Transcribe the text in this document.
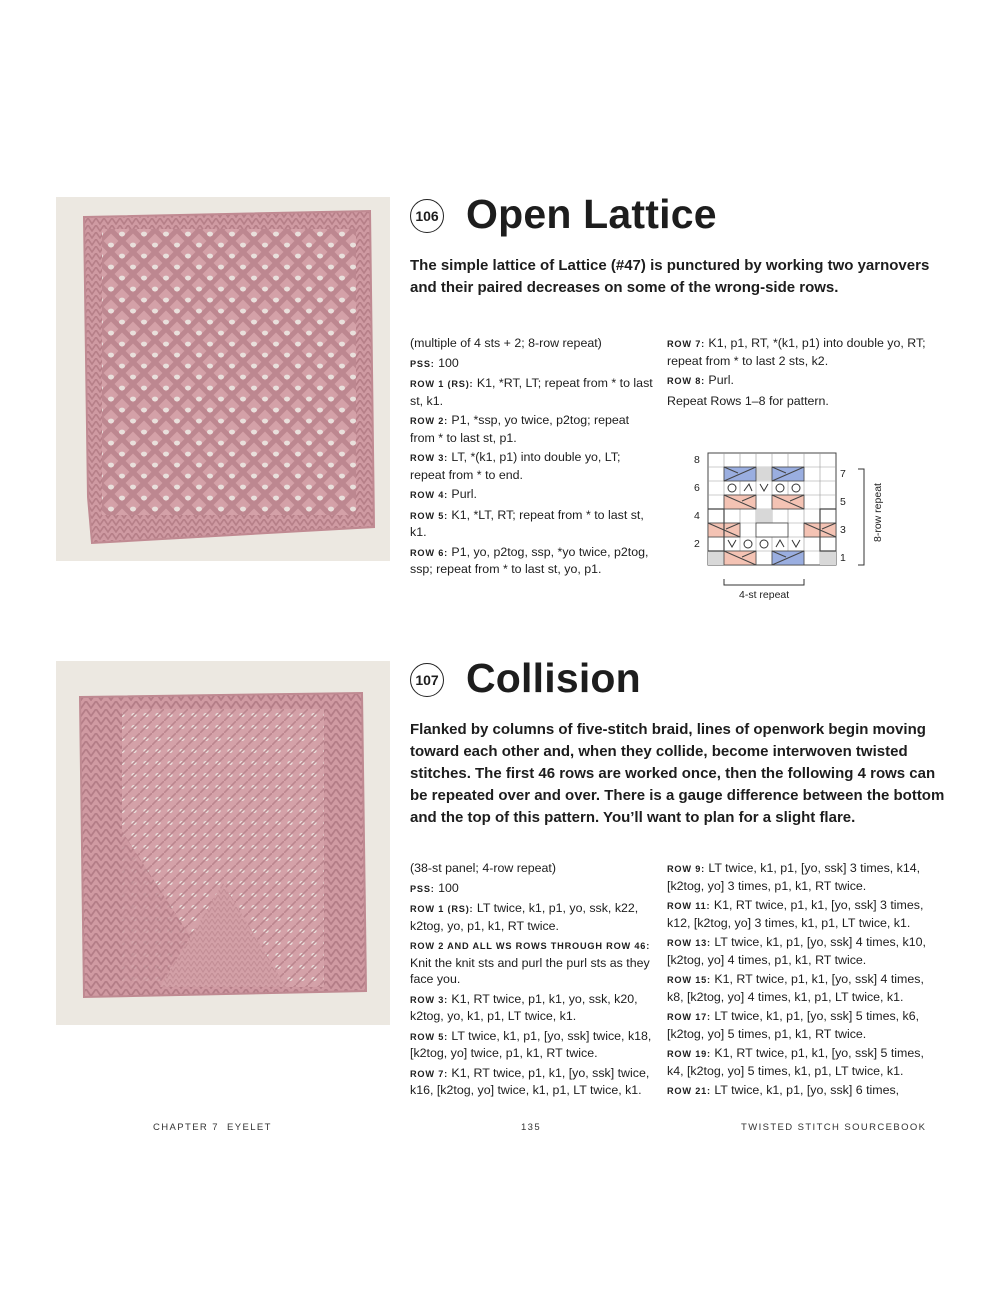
106 Open Lattice

The simple lattice of Lattice (#47) is punctured by working two yarnovers and their paired decreases on some of the wrong-side rows.

(multiple of 4 sts + 2; 8-row repeat)

PSS: 100

ROW 1 (RS): K1, *RT, LT; repeat from * to last st, k1.

ROW 2: P1, *ssp, yo twice, p2tog; repeat from * to last st, p1.

ROW 3: LT, *(k1, p1) into double yo, LT; repeat from * to end.

ROW 4: Purl.

ROW 5: K1, *LT, RT; repeat from * to last st, k1.

ROW 6: P1, yo, p2tog, ssp, *yo twice, p2tog, ssp; repeat from * to last st, yo, p1.

ROW 7: K1, p1, RT, *(k1, p1) into double yo, RT; repeat from * to last 2 sts, k2.

ROW 8: Purl.

Repeat Rows 1–8 for pattern.

8
6
4
2
7
5
3
1
8-row repeat
4-st repeat
107 Collision

Flanked by columns of five-stitch braid, lines of openwork begin moving toward each other and, when they collide, become interwoven twisted stitches. The first 46 rows are worked once, then the following 4 rows can be repeated over and over. There is a gauge difference between the bottom and the top of this pattern. You’ll want to plan for a slight flare.

(38-st panel; 4-row repeat)

PSS: 100

ROW 1 (RS): LT twice, k1, p1, yo, ssk, k22, k2tog, yo, p1, k1, RT twice.

ROW 2 AND ALL WS ROWS THROUGH ROW 46: Knit the knit sts and purl the purl sts as they face you.

ROW 3: K1, RT twice, p1, k1, yo, ssk, k20, k2tog, yo, k1, p1, LT twice, k1.

ROW 5: LT twice, k1, p1, [yo, ssk] twice, k18, [k2tog, yo] twice, p1, k1, RT twice.

ROW 7: K1, RT twice, p1, k1, [yo, ssk] twice, k16, [k2tog, yo] twice, k1, p1, LT twice, k1.

ROW 9: LT twice, k1, p1, [yo, ssk] 3 times, k14, [k2tog, yo] 3 times, p1, k1, RT twice.

ROW 11: K1, RT twice, p1, k1, [yo, ssk] 3 times, k12, [k2tog, yo] 3 times, k1, p1, LT twice, k1.

ROW 13: LT twice, k1, p1, [yo, ssk] 4 times, k10, [k2tog, yo] 4 times, p1, k1, RT twice.

ROW 15: K1, RT twice, p1, k1, [yo, ssk] 4 times, k8, [k2tog, yo] 4 times, k1, p1, LT twice, k1.

ROW 17: LT twice, k1, p1, [yo, ssk] 5 times, k6, [k2tog, yo] 5 times, p1, k1, RT twice.

ROW 19: K1, RT twice, p1, k1, [yo, ssk] 5 times, k4, [k2tog, yo] 5 times, k1, p1, LT twice, k1.

ROW 21: LT twice, k1, p1, [yo, ssk] 6 times,

CHAPTER 7 EYELET	135	TWISTED STITCH SOURCEBOOK
